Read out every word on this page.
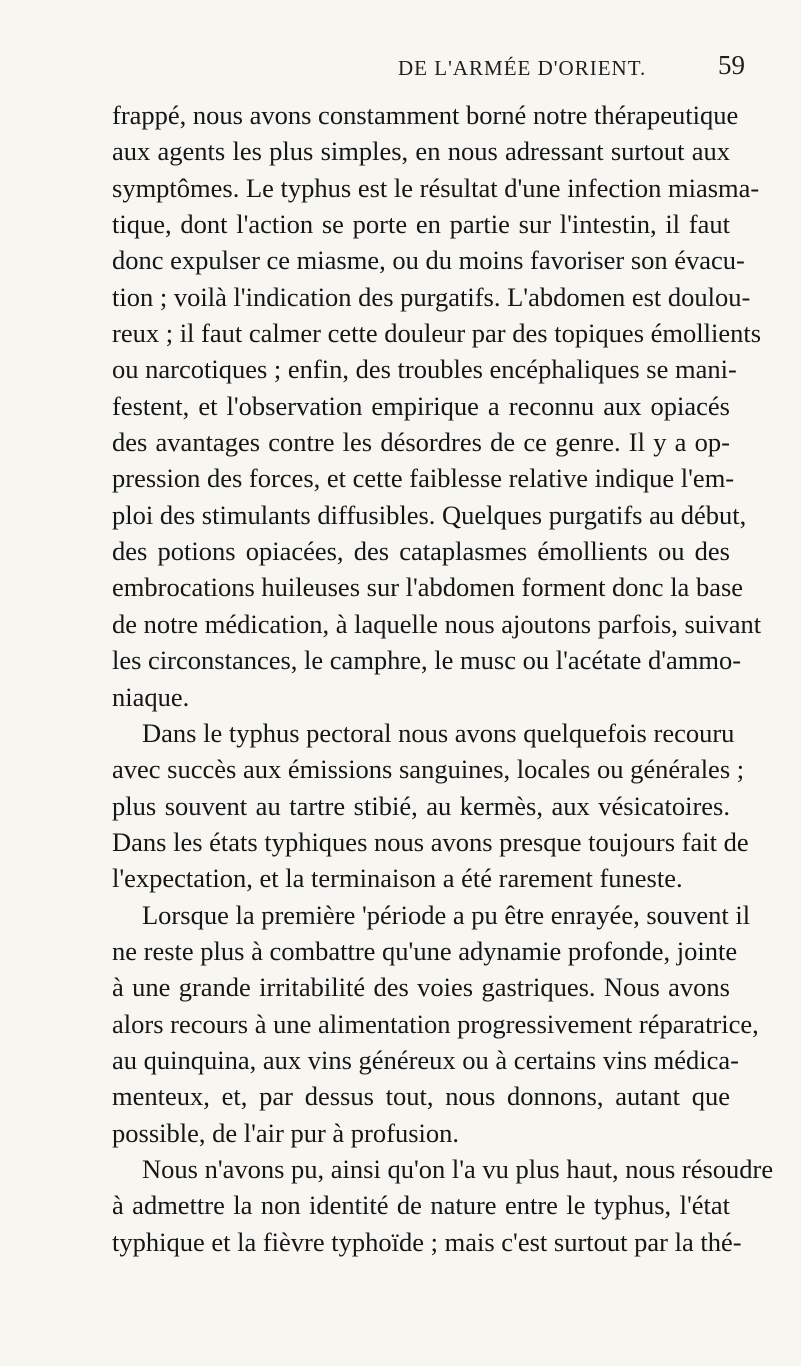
DE L'ARMÉE D'ORIENT.	59
frappé, nous avons constamment borné notre thérapeutique
aux agents les plus simples, en nous adressant surtout aux
symptômes. Le typhus est le résultat d'une infection miasma-
tique, dont l'action se porte en partie sur l'intestin, il faut
donc expulser ce miasme, ou du moins favoriser son évacu-
tion ; voilà l'indication des purgatifs. L'abdomen est doulou-
reux ; il faut calmer cette douleur par des topiques émollients
ou narcotiques ; enfin, des troubles encéphaliques se mani-
festent, et l'observation empirique a reconnu aux opiacés
des avantages contre les désordres de ce genre. Il y a op-
pression des forces, et cette faiblesse relative indique l'em-
ploi des stimulants diffusibles. Quelques purgatifs au début,
des potions opiacées, des cataplasmes émollients ou des
embrocations huileuses sur l'abdomen forment donc la base
de notre médication, à laquelle nous ajoutons parfois, suivant
les circonstances, le camphre, le musc ou l'acétate d'ammo-
niaque.
Dans le typhus pectoral nous avons quelquefois recouru
avec succès aux émissions sanguines, locales ou générales ;
plus souvent au tartre stibié, au kermès, aux vésicatoires.
Dans les états typhiques nous avons presque toujours fait de
l'expectation, et la terminaison a été rarement funeste.
Lorsque la première 'période a pu être enrayée, souvent il
ne reste plus à combattre qu'une adynamie profonde, jointe
à une grande irritabilité des voies gastriques. Nous avons
alors recours à une alimentation progressivement réparatrice,
au quinquina, aux vins généreux ou à certains vins médica-
menteux, et, par dessus tout, nous donnons, autant que
possible, de l'air pur à profusion.
Nous n'avons pu, ainsi qu'on l'a vu plus haut, nous résoudre
à admettre la non identité de nature entre le typhus, l'état
typhique et la fièvre typhoïde ; mais c'est surtout par la thé-
